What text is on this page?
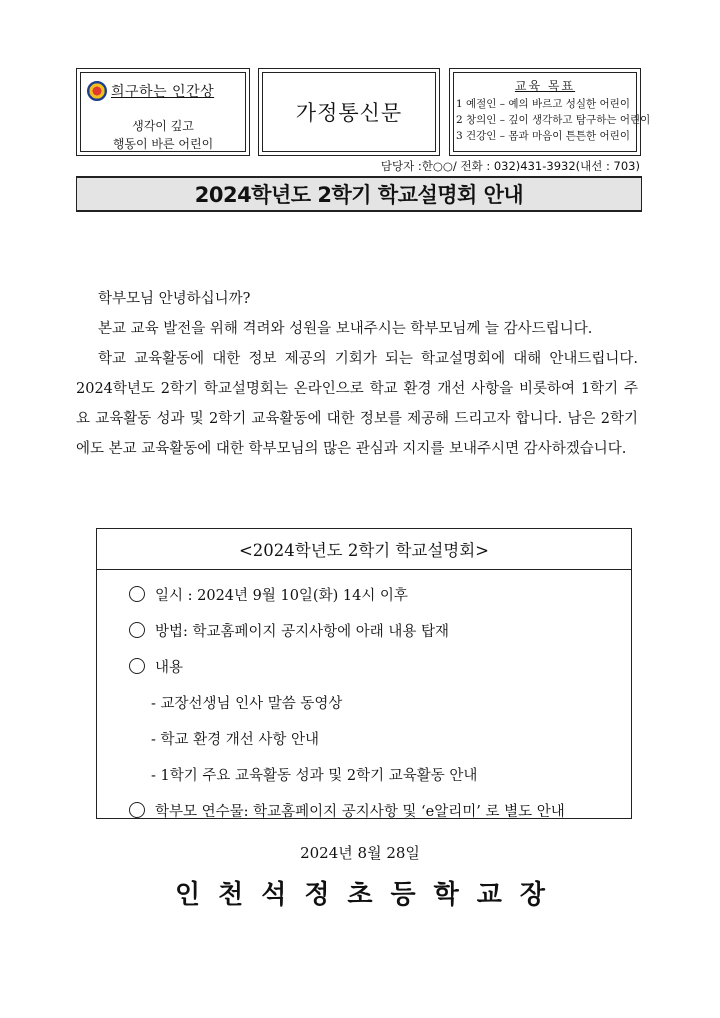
희구하는 인간상
생각이 깊고
행동이 바른 어린이
가정통신문
교육 목표
1 예절인 – 예의 바르고 성실한 어린이
2 창의인 – 깊이 생각하고 탐구하는 어린이
3 건강인 – 몸과 마음이 튼튼한 어린이
담당자 :한○○/ 전화 : 032)431-3932(내선 : 703)
2024학년도 2학기 학교설명회 안내

학부모님 안녕하십니까?

본교 교육 발전을 위해 격려와 성원을 보내주시는 학부모님께 늘 감사드립니다.

학교 교육활동에 대한 정보 제공의 기회가 되는 학교설명회에 대해 안내드립니다. 2024학년도 2학기 학교설명회는 온라인으로 학교 환경 개선 사항을 비롯하여 1학기 주요 교육활동 성과 및 2학기 교육활동에 대한 정보를 제공해 드리고자 합니다. 남은 2학기에도 본교 교육활동에 대한 학부모님의 많은 관심과 지지를 보내주시면 감사하겠습니다.

<2024학년도 2학기 학교설명회>
일시 : 2024년 9월 10일(화) 14시 이후
방법: 학교홈페이지 공지사항에 아래 내용 탑재
내용
- 교장선생님 인사 말씀 동영상
- 학교 환경 개선 사항 안내
- 1학기 주요 교육활동 성과 및 2학기 교육활동 안내
학부모 연수물: 학교홈페이지 공지사항 및 ‘e알리미’ 로 별도 안내
2024년 8월 28일
인천석정초등학교장
